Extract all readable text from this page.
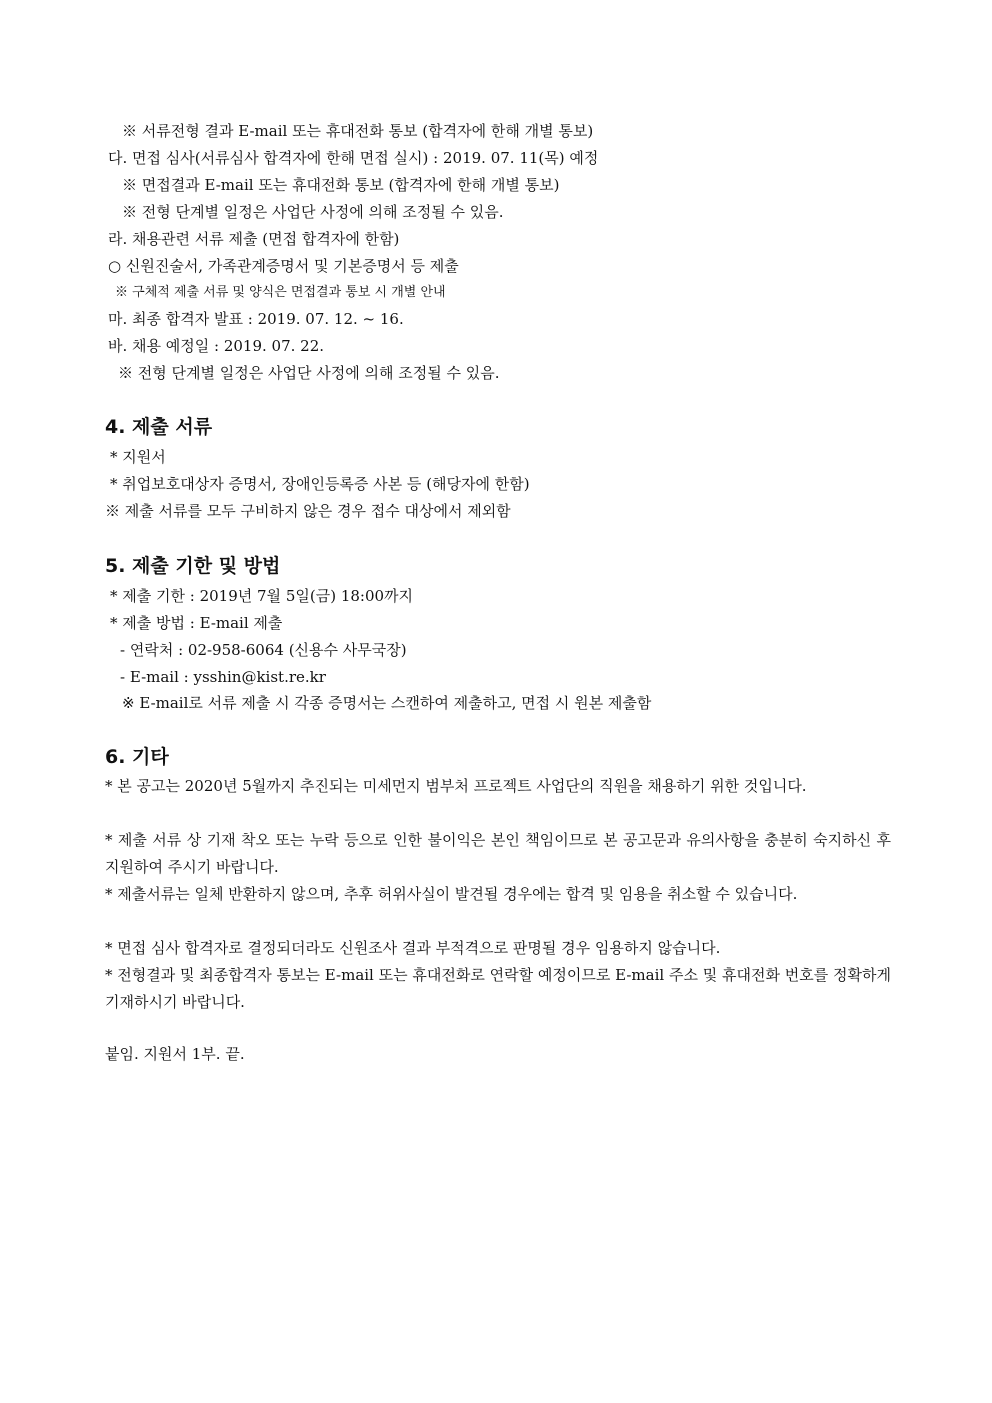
※ 서류전형 결과 E-mail 또는 휴대전화 통보 (합격자에 한해 개별 통보)
다. 면접 심사(서류심사 합격자에 한해 면접 실시) : 2019. 07. 11(목) 예정
※ 면접결과 E-mail 또는 휴대전화 통보 (합격자에 한해 개별 통보)
※ 전형 단계별 일정은 사업단 사정에 의해 조정될 수 있음.
라. 채용관련 서류 제출 (면접 합격자에 한함)
○ 신원진술서, 가족관계증명서 및 기본증명서 등 제출
※ 구체적 제출 서류 및 양식은 면접결과 통보 시 개별 안내
마. 최종 합격자 발표 : 2019. 07. 12. ~ 16.
바. 채용 예정일 : 2019. 07. 22.
※ 전형 단계별 일정은 사업단 사정에 의해 조정될 수 있음.
4. 제출 서류
* 지원서
* 취업보호대상자 증명서, 장애인등록증 사본 등 (해당자에 한함)
※ 제출 서류를 모두 구비하지 않은 경우 접수 대상에서 제외함
5. 제출 기한 및 방법
* 제출 기한 : 2019년 7월 5일(금) 18:00까지
* 제출 방법 : E-mail 제출
- 연락처 : 02-958-6064 (신용수 사무국장)
- E-mail : ysshin@kist.re.kr
※ E-mail로 서류 제출 시 각종 증명서는 스캔하여 제출하고, 면접 시 원본 제출함
6. 기타
* 본 공고는 2020년 5월까지 추진되는 미세먼지 범부처 프로젝트 사업단의 직원을 채용하기 위한 것입니다.
* 제출 서류 상 기재 착오 또는 누락 등으로 인한 불이익은 본인 책임이므로 본 공고문과 유의사항을 충분히 숙지하신 후 지원하여 주시기 바랍니다.
* 제출서류는 일체 반환하지 않으며, 추후 허위사실이 발견될 경우에는 합격 및 임용을 취소할 수 있습니다.
* 면접 심사 합격자로 결정되더라도 신원조사 결과 부적격으로 판명될 경우 임용하지 않습니다.
* 전형결과 및 최종합격자 통보는 E-mail 또는 휴대전화로 연락할 예정이므로 E-mail 주소 및 휴대전화 번호를 정확하게 기재하시기 바랍니다.
붙임. 지원서 1부. 끝.
